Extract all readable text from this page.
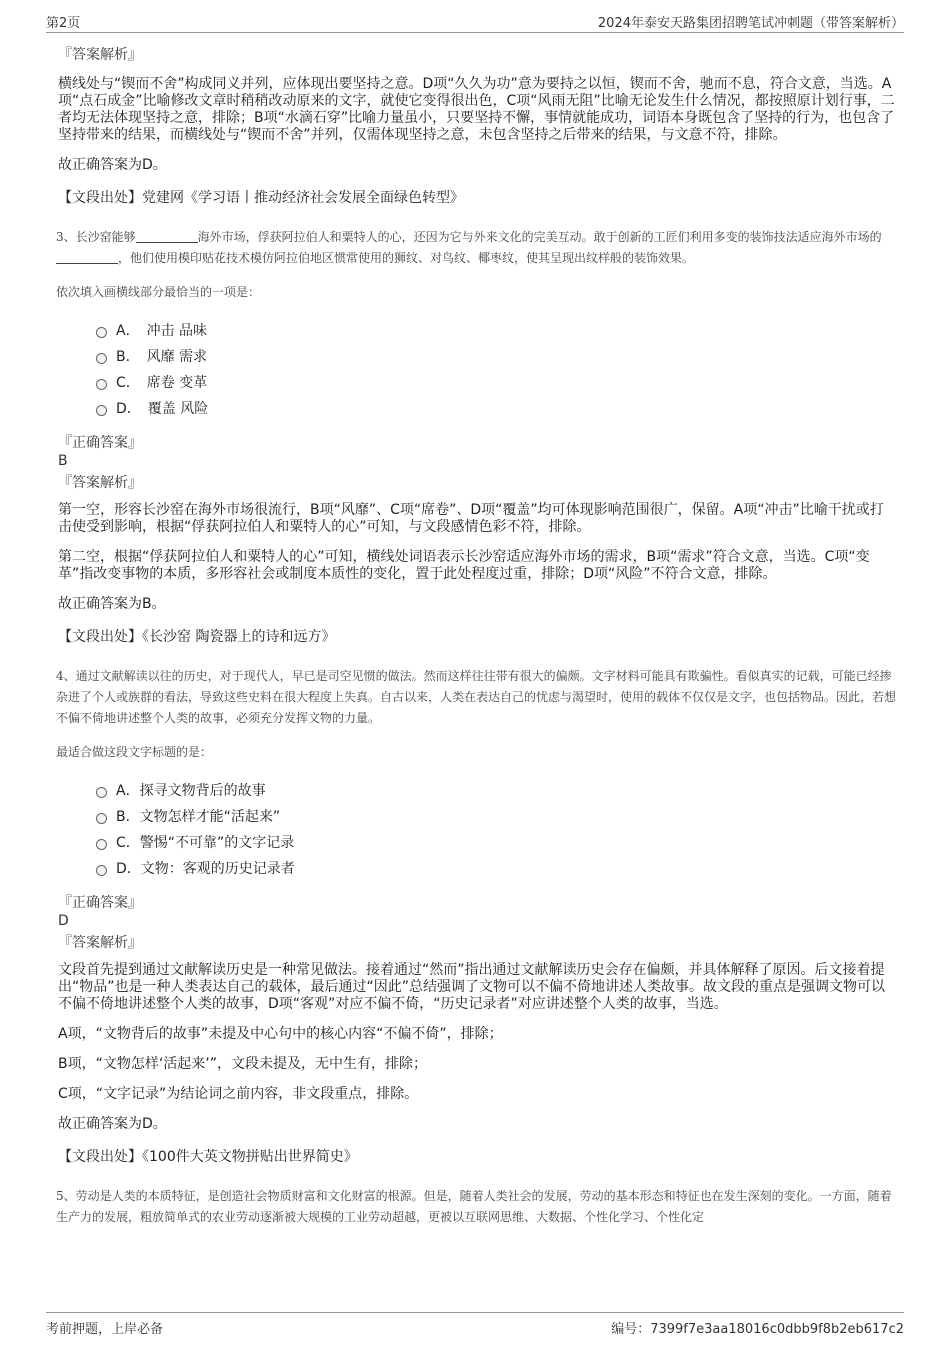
第2页	2024年泰安天路集团招聘笔试冲刺题（带答案解析）
『答案解析』

横线处与“锲而不舍”构成同义并列，应体现出要坚持之意。D项“久久为功”意为要持之以恒，锲而不舍，驰而不息，符合文意，当选。A项“点石成金”比喻修改文章时稍稍改动原来的文字，就使它变得很出色，C项“风雨无阻”比喻无论发生什么情况，都按照原计划行事，二者均无法体现坚持之意，排除；B项“水滴石穿”比喻力量虽小，只要坚持不懈，事情就能成功，词语本身既包含了坚持的行为，也包含了坚持带来的结果，而横线处与“锲而不舍”并列，仅需体现坚持之意，未包含坚持之后带来的结果，与文意不符，排除。

故正确答案为D。

【文段出处】党建网《学习语丨推动经济社会发展全面绿色转型》

3、长沙窑能够	海外市场，俘获阿拉伯人和粟特人的心，还因为它与外来文化的完美互动。敢于创新的工匠们利用多变的装饰技法适应海外市场的，他们使用模印贴花技术模仿阿拉伯地区惯常使用的狮纹、对鸟纹、椰枣纹，使其呈现出纹样般的装饰效果。

依次填入画横线部分最恰当的一项是：

A．　冲击 品味
B．　风靡 需求
C．　席卷 变革
D．　覆盖 风险
『正确答案』
B
『答案解析』

第一空，形容长沙窑在海外市场很流行，B项“风靡”、C项“席卷”、D项“覆盖”均可体现影响范围很广，保留。A项“冲击”比喻干扰或打击使受到影响，根据“俘获阿拉伯人和粟特人的心”可知，与文段感情色彩不符，排除。

第二空，根据“俘获阿拉伯人和粟特人的心”可知，横线处词语表示长沙窑适应海外市场的需求，B项“需求”符合文意，当选。C项“变革”指改变事物的本质，多形容社会或制度本质性的变化，置于此处程度过重，排除；D项“风险”不符合文意，排除。

故正确答案为B。

【文段出处】《长沙窑 陶瓷器上的诗和远方》

4、通过文献解读以往的历史，对于现代人，早已是司空见惯的做法。然而这样往往带有很大的偏颇。文字材料可能具有欺骗性。看似真实的记载，可能已经掺杂进了个人或族群的看法，导致这些史料在很大程度上失真。自古以来，人类在表达自己的忧虑与渴望时，使用的载体不仅仅是文字，也包括物品。因此，若想不偏不倚地讲述整个人类的故事，必须充分发挥文物的力量。

最适合做这段文字标题的是：

A．探寻文物背后的故事
B．文物怎样才能“活起来”
C．警惕“不可靠”的文字记录
D．文物：客观的历史记录者
『正确答案』
D
『答案解析』

文段首先提到通过文献解读历史是一种常见做法。接着通过“然而”指出通过文献解读历史会存在偏颇，并具体解释了原因。后文接着提出“物品”也是一种人类表达自己的载体，最后通过“因此”总结强调了文物可以不偏不倚地讲述人类故事。故文段的重点是强调文物可以不偏不倚地讲述整个人类的故事，D项“客观”对应不偏不倚，“历史记录者”对应讲述整个人类的故事，当选。

A项，“文物背后的故事”未提及中心句中的核心内容“不偏不倚”，排除；

B项，“文物怎样‘活起来’”，文段未提及，无中生有，排除；

C项，“文字记录”为结论词之前内容，非文段重点，排除。

故正确答案为D。

【文段出处】《100件大英文物拼贴出世界简史》

5、劳动是人类的本质特征，是创造社会物质财富和文化财富的根源。但是，随着人类社会的发展，劳动的基本形态和特征也在发生深刻的变化。一方面，随着生产力的发展，粗放简单式的农业劳动逐渐被大规模的工业劳动超越，更被以互联网思维、大数据、个性化学习、个性化定

考前押题，上岸必备	编号：7399f7e3aa18016c0dbb9f8b2eb617c2
